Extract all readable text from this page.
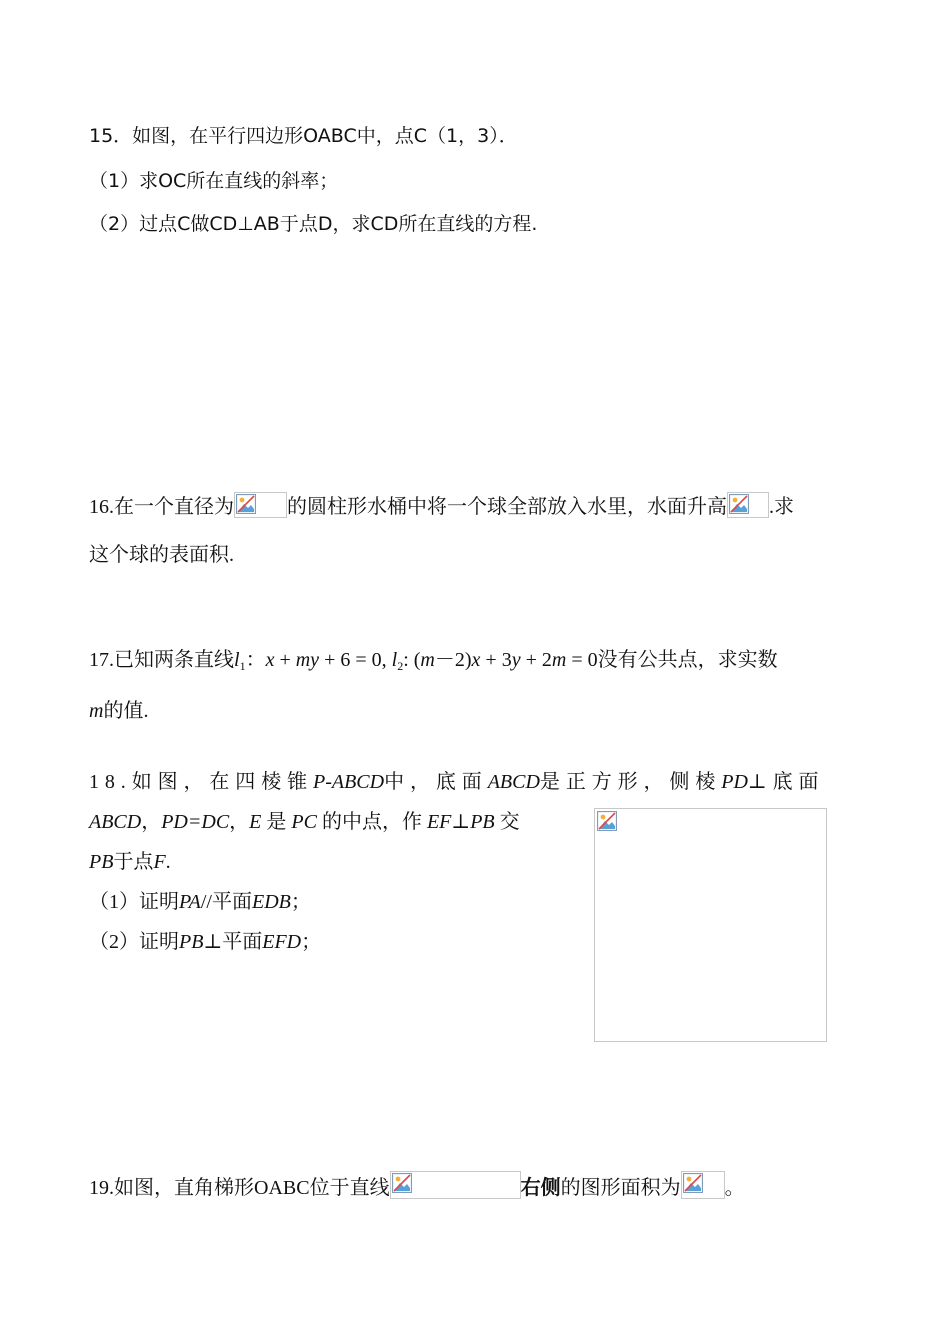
15．如图，在平行四边形OABC中，点C（1，3）．
（1）求OC所在直线的斜率；
（2）过点C做CD⊥AB于点D，求CD所在直线的方程.
16.在一个直径为	的圆柱形水桶中将一个球全部放入水里，水面升高 .求
这个球的表面积.
17.已知两条直线$l_1$：x + my + 6 = 0, $l_2$: (m－2)x + 3y + 2m = 0没有公共点，求实数
m的值.
18.如图，在四棱锥P-ABCD中，底面ABCD是正方形，侧棱PD⊥底面
ABCD，PD=DC，E 是 PC 的中点，作 EF⊥PB 交
PB于点F.
（1）证明PA//平面EDB；
（2）证明PB⊥平面EFD；
19.如图，直角梯形OABC位于直线	右侧的图形面积为 。
